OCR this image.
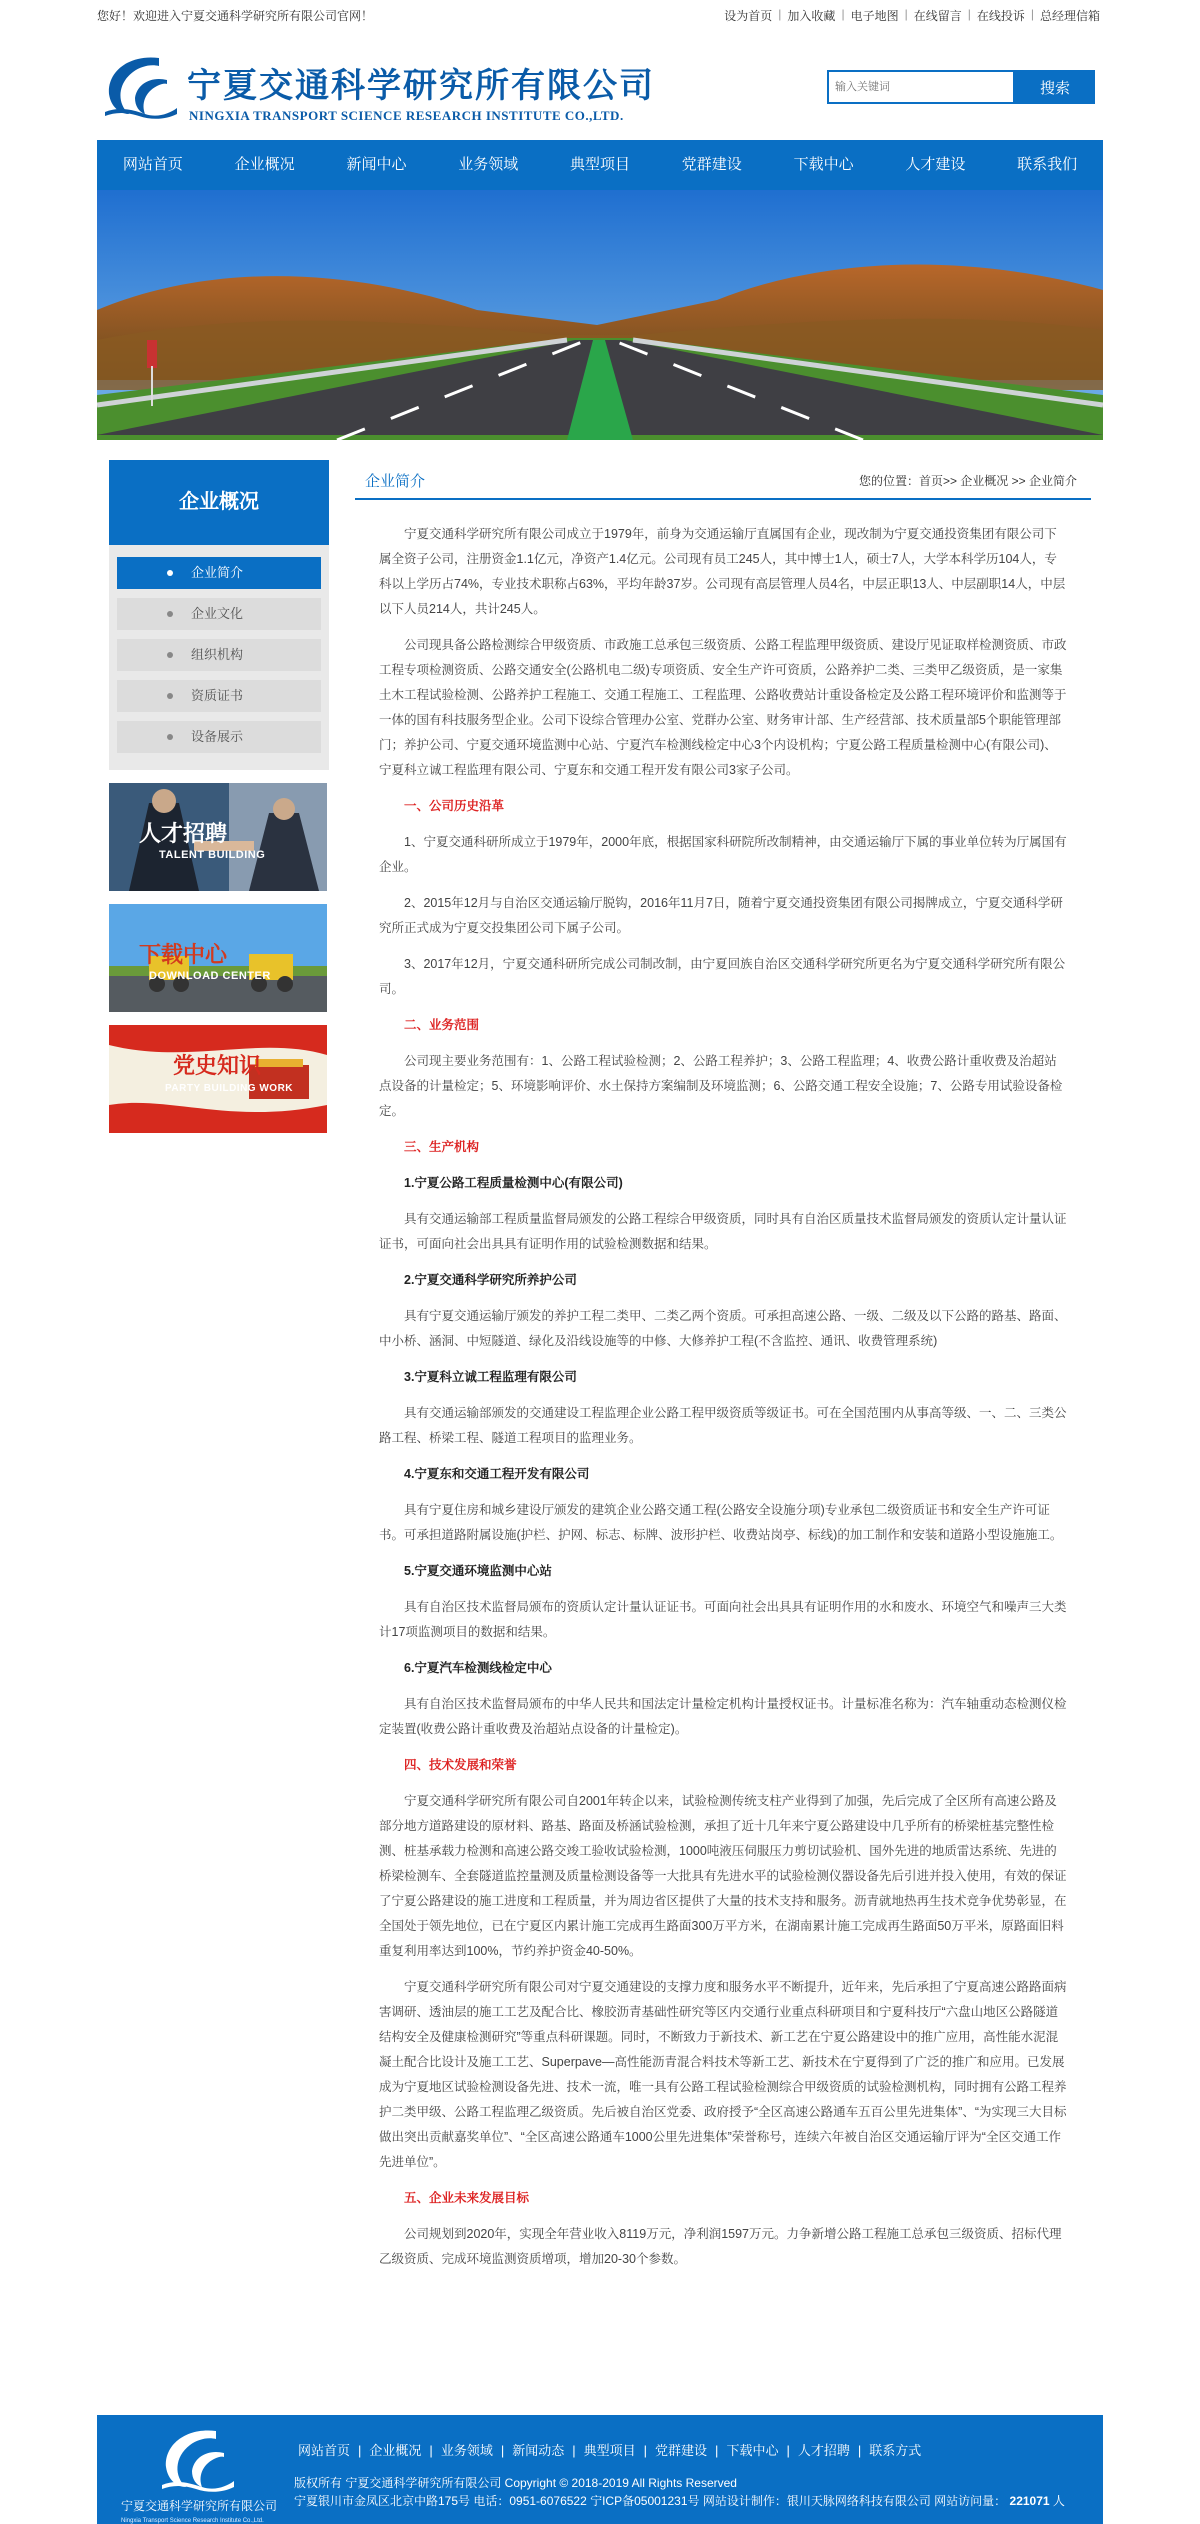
您好！欢迎进入宁夏交通科学研究所有限公司官网！	设为首页 | 加入收藏 | 电子地图 | 在线留言 | 在线投诉 | 总经理信箱
宁夏交通科学研究所有限公司
NINGXIA TRANSPORT SCIENCE RESEARCH INSTITUTE CO.,LTD.
输入关键词
搜索
网站首页	企业概况	新闻中心	业务领域	典型项目	党群建设	下载中心	人才建设	联系我们
企业概况
企业简介
企业文化
组织机构
资质证书
设备展示
人才招聘
TALENT BUILDING
下载中心
DOWNLOAD CENTER
党史知识
PARTY BUILDING WORK
企业简介	您的位置：首页>> 企业概况 >> 企业简介

宁夏交通科学研究所有限公司成立于1979年，前身为交通运输厅直属国有企业，现改制为宁夏交通投资集团有限公司下属全资子公司，注册资金1.1亿元，净资产1.4亿元。公司现有员工245人，其中博士1人，硕士7人，大学本科学历104人，专科以上学历占74%，专业技术职称占63%，平均年龄37岁。公司现有高层管理人员4名，中层正职13人、中层副职14人，中层以下人员214人，共计245人。

公司现具备公路检测综合甲级资质、市政施工总承包三级资质、公路工程监理甲级资质、建设厅见证取样检测资质、市政工程专项检测资质、公路交通安全(公路机电二级)专项资质、安全生产许可资质，公路养护二类、三类甲乙级资质，是一家集土木工程试验检测、公路养护工程施工、交通工程施工、工程监理、公路收费站计重设备检定及公路工程环境评价和监测等于一体的国有科技服务型企业。公司下设综合管理办公室、党群办公室、财务审计部、生产经营部、技术质量部5个职能管理部门；养护公司、宁夏交通环境监测中心站、宁夏汽车检测线检定中心3个内设机构；宁夏公路工程质量检测中心(有限公司)、宁夏科立诚工程监理有限公司、宁夏东和交通工程开发有限公司3家子公司。

一、公司历史沿革

1、宁夏交通科研所成立于1979年，2000年底，根据国家科研院所改制精神，由交通运输厅下属的事业单位转为厅属国有企业。

2、2015年12月与自治区交通运输厅脱钩，2016年11月7日，随着宁夏交通投资集团有限公司揭牌成立，宁夏交通科学研究所正式成为宁夏交投集团公司下属子公司。

3、2017年12月，宁夏交通科研所完成公司制改制，由宁夏回族自治区交通科学研究所更名为宁夏交通科学研究所有限公司。

二、业务范围

公司现主要业务范围有：1、公路工程试验检测；2、公路工程养护；3、公路工程监理；4、收费公路计重收费及治超站点设备的计量检定；5、环境影响评价、水土保持方案编制及环境监测；6、公路交通工程安全设施；7、公路专用试验设备检定。

三、生产机构

1.宁夏公路工程质量检测中心(有限公司)

具有交通运输部工程质量监督局颁发的公路工程综合甲级资质，同时具有自治区质量技术监督局颁发的资质认定计量认证证书，可面向社会出具具有证明作用的试验检测数据和结果。

2.宁夏交通科学研究所养护公司

具有宁夏交通运输厅颁发的养护工程二类甲、二类乙两个资质。可承担高速公路、一级、二级及以下公路的路基、路面、中小桥、涵洞、中短隧道、绿化及沿线设施等的中修、大修养护工程(不含监控、通讯、收费管理系统)

3.宁夏科立诚工程监理有限公司

具有交通运输部颁发的交通建设工程监理企业公路工程甲级资质等级证书。可在全国范围内从事高等级、一、二、三类公路工程、桥梁工程、隧道工程项目的监理业务。

4.宁夏东和交通工程开发有限公司

具有宁夏住房和城乡建设厅颁发的建筑企业公路交通工程(公路安全设施分项)专业承包二级资质证书和安全生产许可证书。可承担道路附属设施(护栏、护网、标志、标牌、波形护栏、收费站岗亭、标线)的加工制作和安装和道路小型设施施工。

5.宁夏交通环境监测中心站

具有自治区技术监督局颁布的资质认定计量认证证书。可面向社会出具具有证明作用的水和废水、环境空气和噪声三大类计17项监测项目的数据和结果。

6.宁夏汽车检测线检定中心

具有自治区技术监督局颁布的中华人民共和国法定计量检定机构计量授权证书。计量标准名称为：汽车轴重动态检测仪检定装置(收费公路计重收费及治超站点设备的计量检定)。

四、技术发展和荣誉

宁夏交通科学研究所有限公司自2001年转企以来，试验检测传统支柱产业得到了加强，先后完成了全区所有高速公路及部分地方道路建设的原材料、路基、路面及桥涵试验检测，承担了近十几年来宁夏公路建设中几乎所有的桥梁桩基完整性检测、桩基承载力检测和高速公路交竣工验收试验检测，1000吨液压伺服压力剪切试验机、国外先进的地质雷达系统、先进的桥梁检测车、全套隧道监控量测及质量检测设备等一大批具有先进水平的试验检测仪器设备先后引进并投入使用，有效的保证了宁夏公路建设的施工进度和工程质量，并为周边省区提供了大量的技术支持和服务。沥青就地热再生技术竞争优势彰显，在全国处于领先地位，已在宁夏区内累计施工完成再生路面300万平方米，在湖南累计施工完成再生路面50万平米，原路面旧料重复利用率达到100%，节约养护资金40-50%。

宁夏交通科学研究所有限公司对宁夏交通建设的支撑力度和服务水平不断提升，近年来，先后承担了宁夏高速公路路面病害调研、透油层的施工工艺及配合比、橡胶沥青基础性研究等区内交通行业重点科研项目和宁夏科技厅“六盘山地区公路隧道结构安全及健康检测研究”等重点科研课题。同时，不断致力于新技术、新工艺在宁夏公路建设中的推广应用，高性能水泥混凝土配合比设计及施工工艺、Superpave—高性能沥青混合料技术等新工艺、新技术在宁夏得到了广泛的推广和应用。已发展成为宁夏地区试验检测设备先进、技术一流，唯一具有公路工程试验检测综合甲级资质的试验检测机构，同时拥有公路工程养护二类甲级、公路工程监理乙级资质。先后被自治区党委、政府授予“全区高速公路通车五百公里先进集体”、“为实现三大目标做出突出贡献嘉奖单位”、“全区高速公路通车1000公里先进集体”荣誉称号，连续六年被自治区交通运输厅评为“全区交通工作先进单位”。

五、企业未来发展目标

公司规划到2020年，实现全年营业收入8119万元，净利润1597万元。力争新增公路工程施工总承包三级资质、招标代理乙级资质、完成环境监测资质增项，增加20-30个参数。

宁夏交通科学研究所有限公司
Ningxia Transport Science Research Institute Co.,Ltd.
网站首页 | 企业概况 | 业务领域 | 新闻动态 | 典型项目 | 党群建设 | 下载中心 | 人才招聘 | 联系方式
版权所有 宁夏交通科学研究所有限公司 Copyright © 2018-2019 All Rights Reserved
宁夏银川市金凤区北京中路175号 电话：0951-6076522 宁ICP备05001231号 网站设计制作：银川天脉网络科技有限公司 网站访问量： 221071 人
